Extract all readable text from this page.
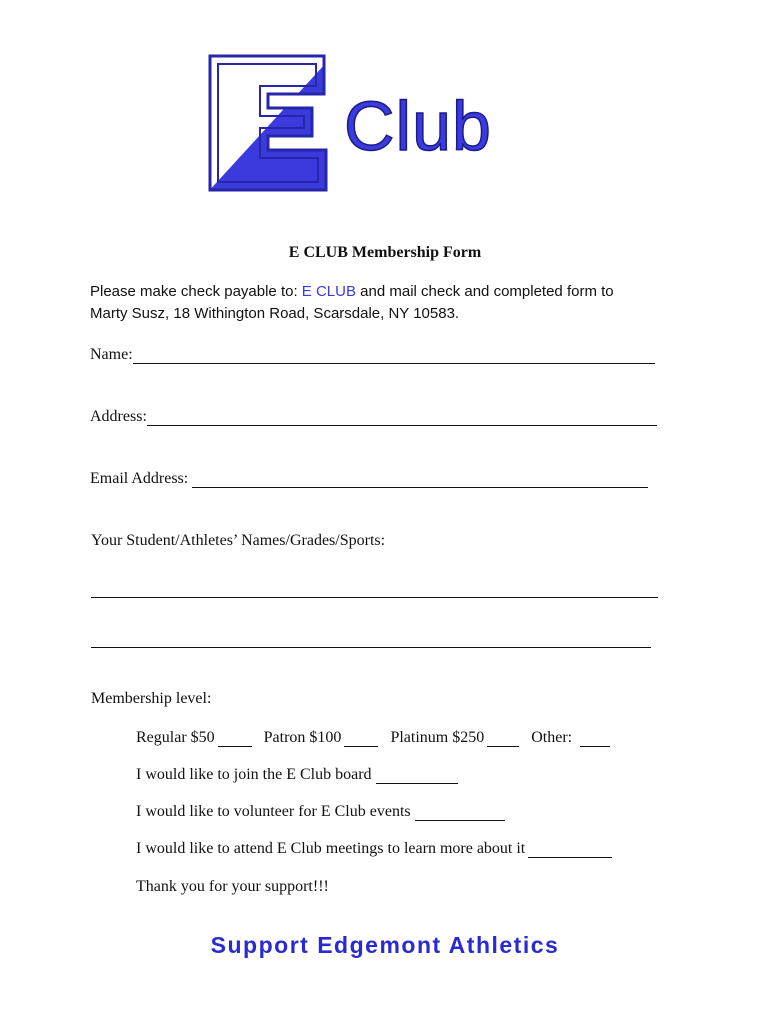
Club
E CLUB Membership Form
Please make check payable to: E CLUB and mail check and completed form to
Marty Susz, 18 Withington Road, Scarsdale, NY 10583.
Name:
Address:
Email Address:
Your Student/Athletes’ Names/Grades/Sports:
Membership level:
Regular $50	Patron $100	Platinum $250	Other:
I would like to join the E Club board
I would like to volunteer for E Club events
I would like to attend E Club meetings to learn more about it
Thank you for your support!!!
Support Edgemont Athletics
